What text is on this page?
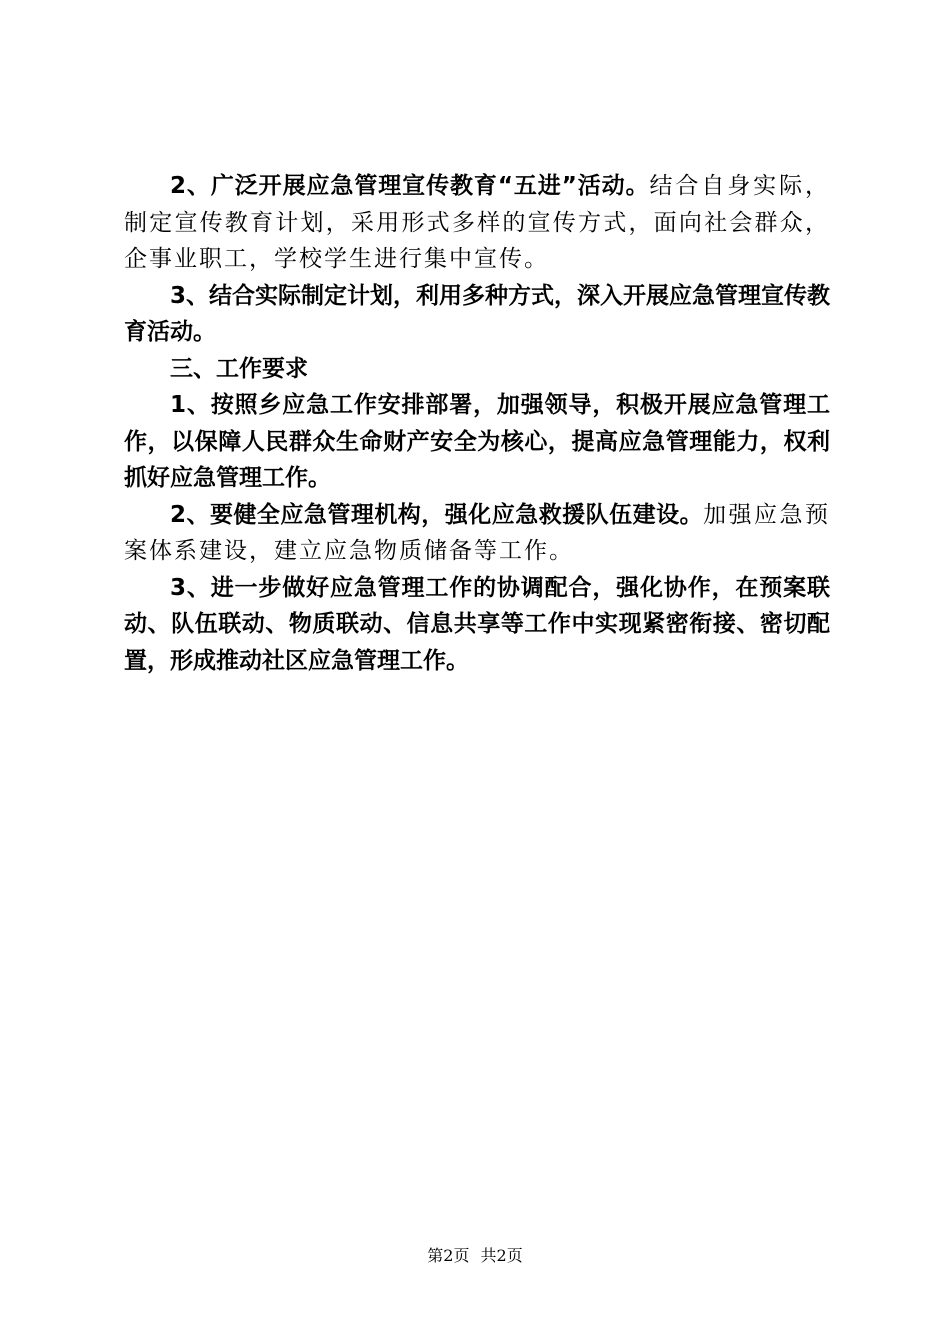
2、广泛开展应急管理宣传教育“五进”活动。结合自身实际，制定宣传教育计划，采用形式多样的宣传方式，面向社会群众，企事业职工，学校学生进行集中宣传。

3、结合实际制定计划，利用多种方式，深入开展应急管理宣传教育活动。

三、工作要求

1、按照乡应急工作安排部署，加强领导，积极开展应急管理工作，以保障人民群众生命财产安全为核心，提高应急管理能力，权利抓好应急管理工作。

2、要健全应急管理机构，强化应急救援队伍建设。加强应急预案体系建设，建立应急物质储备等工作。

3、进一步做好应急管理工作的协调配合，强化协作，在预案联动、队伍联动、物质联动、信息共享等工作中实现紧密衔接、密切配置，形成推动社区应急管理工作。

第2页 共2页
